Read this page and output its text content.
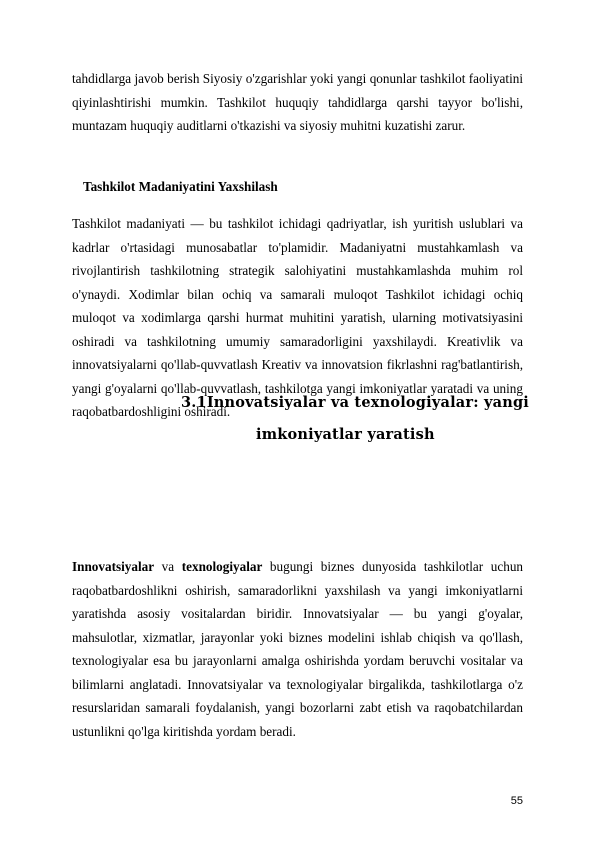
tahdidlarga javob berish Siyosiy o'zgarishlar yoki yangi qonunlar tashkilot faoliyatini qiyinlashtirishi mumkin. Tashkilot huquqiy tahdidlarga qarshi tayyor bo'lishi, muntazam huquqiy auditlarni o'tkazishi va siyosiy muhitni kuzatishi zarur.

Tashkilot Madaniyatini Yaxshilash

Tashkilot madaniyati — bu tashkilot ichidagi qadriyatlar, ish yuritish uslublari va kadrlar o'rtasidagi munosabatlar to'plamidir. Madaniyatni mustahkamlash va rivojlantirish tashkilotning strategik salohiyatini mustahkamlashda muhim rol o'ynaydi. Xodimlar bilan ochiq va samarali muloqot Tashkilot ichidagi ochiq muloqot va xodimlarga qarshi hurmat muhitini yaratish, ularning motivatsiyasini oshiradi va tashkilotning umumiy samaradorligini yaxshilaydi. Kreativlik va innovatsiyalarni qo'llab-quvvatlash Kreativ va innovatsion fikrlashni rag'batlantirish, yangi g'oyalarni qo'llab-quvvatlash, tashkilotga yangi imkoniyatlar yaratadi va uning raqobatbardoshligini oshiradi.

3.1Innovatsiyalar va texnologiyalar: yangi

imkoniyatlar yaratish

Innovatsiyalar va texnologiyalar bugungi biznes dunyosida tashkilotlar uchun raqobatbardoshlikni oshirish, samaradorlikni yaxshilash va yangi imkoniyatlarni yaratishda asosiy vositalardan biridir. Innovatsiyalar — bu yangi g'oyalar, mahsulotlar, xizmatlar, jarayonlar yoki biznes modelini ishlab chiqish va qo'llash, texnologiyalar esa bu jarayonlarni amalga oshirishda yordam beruvchi vositalar va bilimlarni anglatadi. Innovatsiyalar va texnologiyalar birgalikda, tashkilotlarga o'z resurslaridan samarali foydalanish, yangi bozorlarni zabt etish va raqobatchilardan ustunlikni qo'lga kiritishda yordam beradi.

55
